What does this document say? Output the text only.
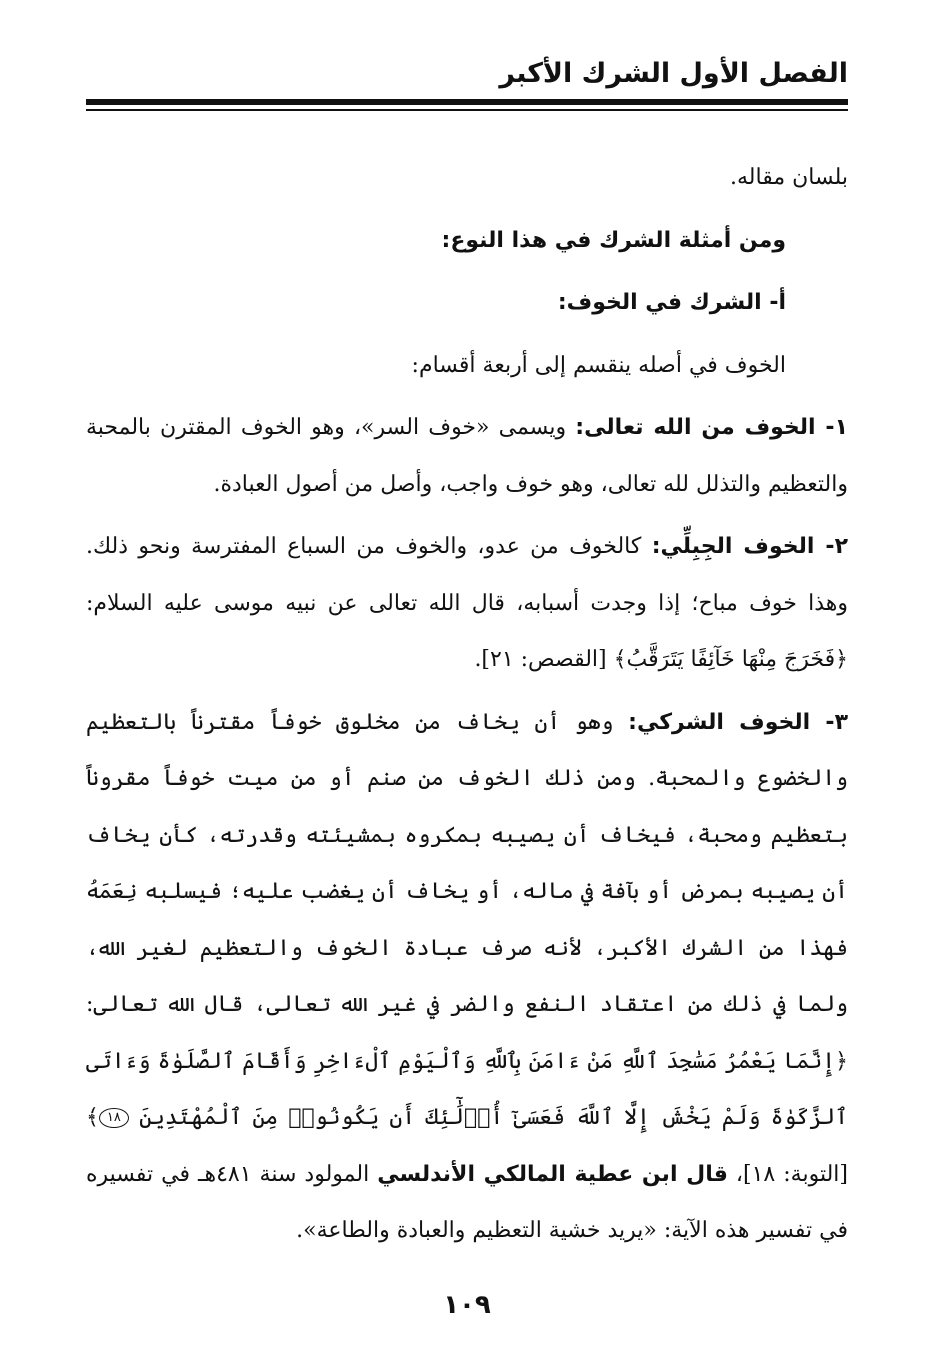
الفصل الأول الشرك الأكبر

بلسان مقاله.

ومن أمثلة الشرك في هذا النوع:

أ- الشرك في الخوف:

الخوف في أصله ينقسم إلى أربعة أقسام:

١- الخوف من الله تعالى: ويسمى «خوف السر»، وهو الخوف المقترن بالمحبة والتعظيم والتذلل لله تعالى، وهو خوف واجب، وأصل من أصول العبادة.

٢- الخوف الجِبِلِّي: كالخوف من عدو، والخوف من السباع المفترسة ونحو ذلك. وهذا خوف مباح؛ إذا وجدت أسبابه، قال الله تعالى عن نبيه موسى عليه السلام: ﴿فَخَرَجَ مِنْهَا خَآئِفًا يَتَرَقَّبُ﴾ [القصص: ٢١].

٣- الخوف الشركي: وهو أن يخاف من مخلوق خوفاً مقترناً بالتعظيم والخضوع والمحبة. ومن ذلك الخوف من صنم أو من ميت خوفاً مقروناً بتعظيم ومحبة، فيخاف أن يصيبه بمكروه بمشيئته وقدرته، كأن يخاف أن يصيبه بمرض أو بآفة في ماله، أو يخاف أن يغضب عليه؛ فيسلبه نِعَمَهُ فهذا من الشرك الأكبر، لأنه صرف عبادة الخوف والتعظيم لغير الله، ولما في ذلك من اعتقاد النفع والضر في غير الله تعالى، قال الله تعالى: ﴿إِنَّمَا يَعْمُرُ مَسَٰجِدَ ٱللَّهِ مَنْ ءَامَنَ بِٱللَّهِ وَٱلْيَوْمِ ٱلْءَاخِرِ وَأَقَامَ ٱلصَّلَوٰةَ وَءَاتَى ٱلزَّكَوٰةَ وَلَمْ يَخْشَ إِلَّا ٱللَّهَ فَعَسَىٰٓ أُو۟لَٰٓئِكَ أَن يَكُونُوا۟ مِنَ ٱلْمُهْتَدِينَ ١٨﴾ [التوبة: ١٨]، قال ابن عطية المالكي الأندلسي المولود سنة ٤٨١هـ في تفسيره في تفسير هذه الآية: «يريد خشية التعظيم والعبادة والطاعة».

١٠٩
